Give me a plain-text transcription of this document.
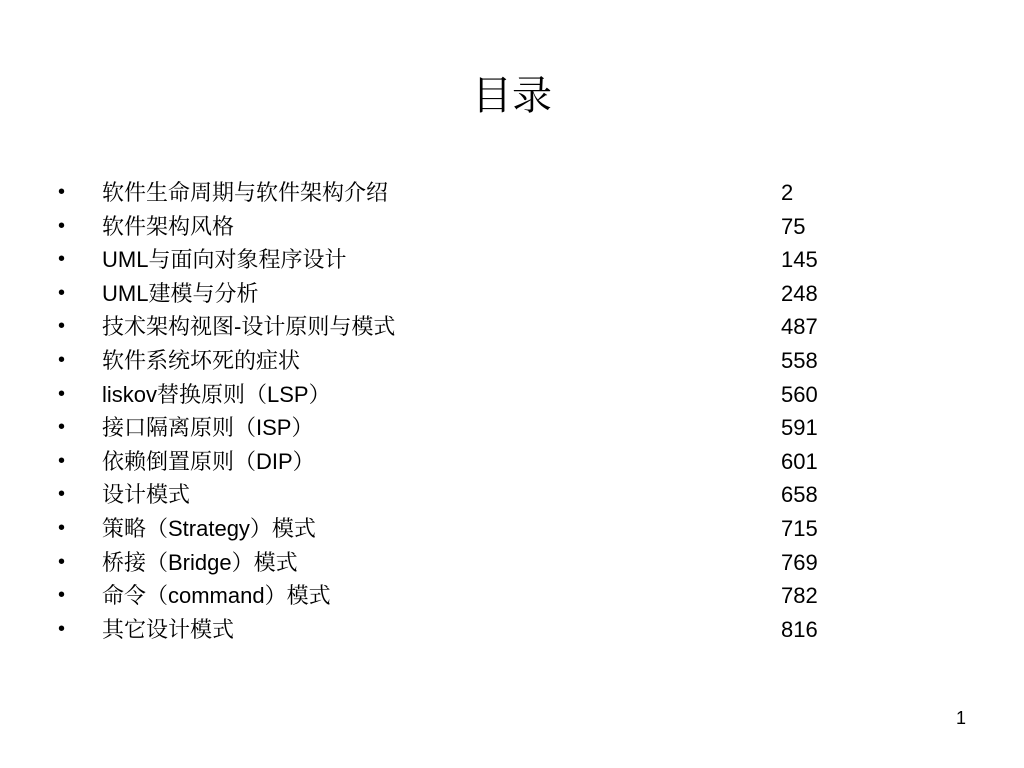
目录
•	软件生命周期与软件架构介绍	2
•	软件架构风格	75
•	UML与面向对象程序设计	145
•	UML建模与分析	248
•	技术架构视图-设计原则与模式	487
•	软件系统坏死的症状	558
•	liskov替换原则（LSP）	560
•	接口隔离原则（ISP）	591
•	依赖倒置原则（DIP）	601
•	设计模式	658
•	策略（Strategy）模式	715
•	桥接（Bridge）模式	769
•	命令（command）模式	782
•	其它设计模式	816
1
